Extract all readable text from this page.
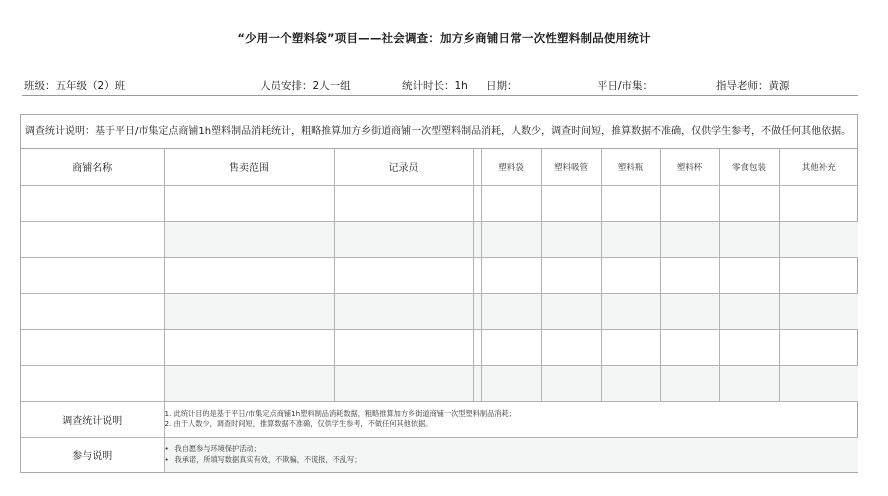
“少用一个塑料袋”项目——社会调查：加方乡商铺日常一次性塑料制品使用统计
班级：五年级（2）班	人员安排：2人一组	统计时长：1h 日期：	平日/市集：	指导老师：黄源
调查统计说明：基于平日/市集定点商铺1h塑料制品消耗统计，粗略推算加方乡街道商铺一次型塑料制品消耗，人数少，调查时间短，推算数据不准确，仅供学生参考，不做任何其他依据。
商铺名称	售卖范围	记录员		塑料袋	塑料吸管	塑料瓶	塑料杯	零食包装	其他补充

调查统计说明	1. 此统计目的是基于平日/市集定点商铺1h塑料制品消耗数据，粗略推算加方乡街道商铺一次型塑料制品消耗；
2. 由于人数少，调查时间短，推算数据不准确，仅供学生参考，不做任何其他依据。								

参与说明	• 我自愿参与环境保护活动；
• 我承诺，所填写数据真实有效，不欺骗，不谎报，不乱写；								
